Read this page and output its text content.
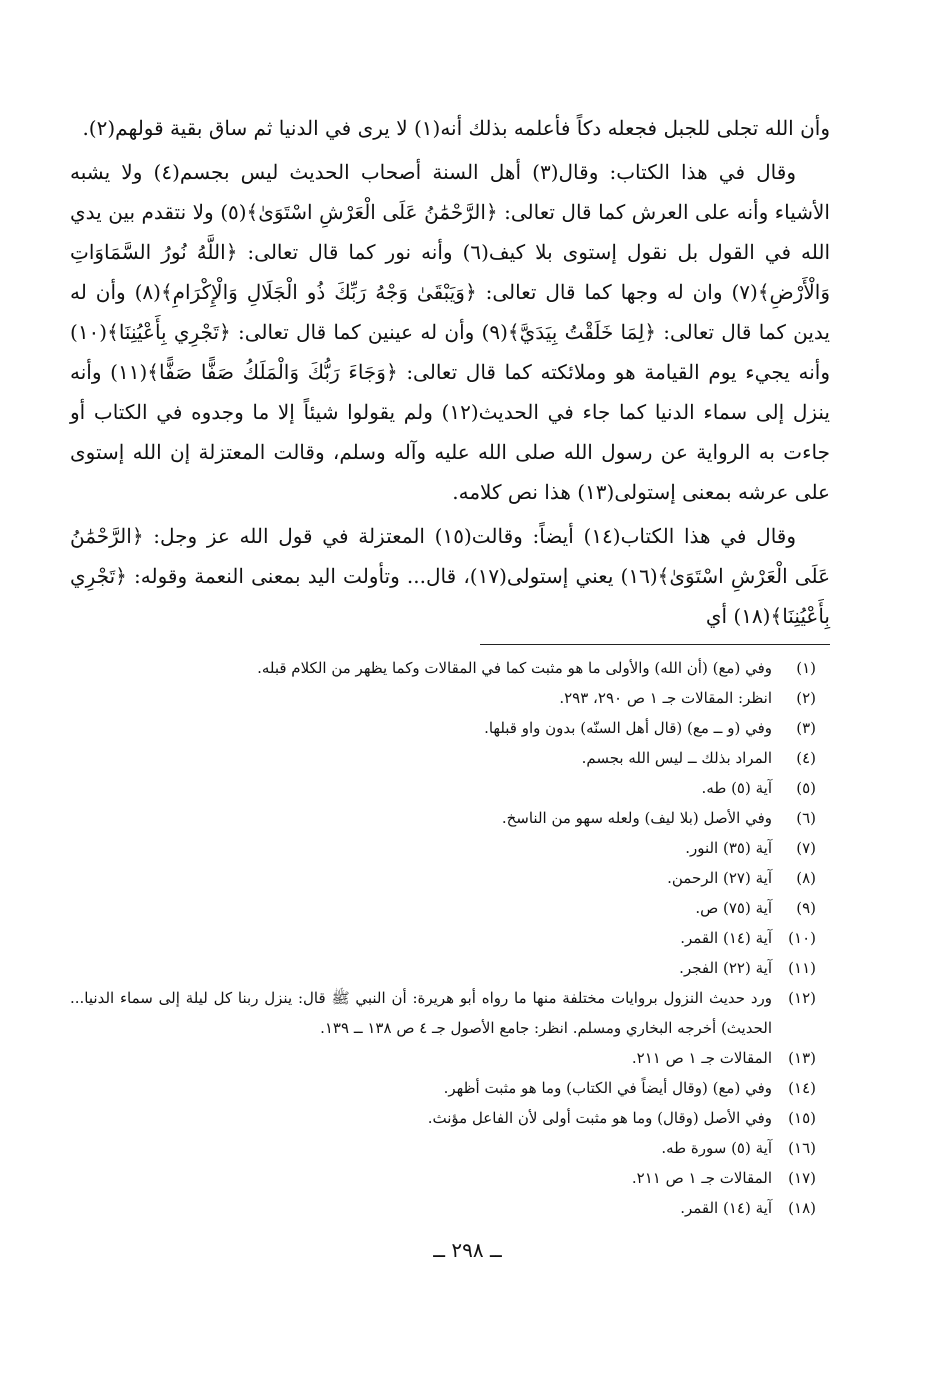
وأن الله تجلى للجبل فجعله دكاً فأعلمه بذلك أنه(١) لا يرى في الدنيا ثم ساق بقية قولهم(٢).

وقال في هذا الكتاب: وقال(٣) أهل السنة أصحاب الحديث ليس بجسم(٤) ولا يشبه الأشياء وأنه على العرش كما قال تعالى: ﴿الرَّحْمَٰنُ عَلَى الْعَرْشِ اسْتَوَىٰ﴾(٥) ولا نتقدم بين يدي الله في القول بل نقول إستوى بلا كيف(٦) وأنه نور كما قال تعالى: ﴿اللَّهُ نُورُ السَّمَاوَاتِ وَالْأَرْضِ﴾(٧) وان له وجها كما قال تعالى: ﴿وَيَبْقَىٰ وَجْهُ رَبِّكَ ذُو الْجَلَالِ وَالْإِكْرَامِ﴾(٨) وأن له يدين كما قال تعالى: ﴿لِمَا خَلَقْتُ بِيَدَيَّ﴾(٩) وأن له عينين كما قال تعالى: ﴿تَجْرِي بِأَعْيُنِنَا﴾(١٠) وأنه يجيء يوم القيامة هو وملائكته كما قال تعالى: ﴿وَجَاءَ رَبُّكَ وَالْمَلَكُ صَفًّا صَفًّا﴾(١١) وأنه ينزل إلى سماء الدنيا كما جاء في الحديث(١٢) ولم يقولوا شيئاً إلا ما وجدوه في الكتاب أو جاءت به الرواية عن رسول الله صلى الله عليه وآله وسلم، وقالت المعتزلة إن الله إستوى على عرشه بمعنى إستولى(١٣) هذا نص كلامه.

وقال في هذا الكتاب(١٤) أيضاً: وقالت(١٥) المعتزلة في قول الله عز وجل: ﴿الرَّحْمَٰنُ عَلَى الْعَرْشِ اسْتَوَىٰ﴾(١٦) يعني إستولى(١٧)، قال... وتأولت اليد بمعنى النعمة وقوله: ﴿تَجْرِي بِأَعْيُنِنَا﴾(١٨) أي

(١)
وفي (مع) (أن الله) والأولى ما هو مثبت كما في المقالات وكما يظهر من الكلام قبله.
(٢)
انظر: المقالات جـ ١ ص ٢٩٠، ٢٩٣.
(٣)
وفي (و ــ مع) (قال أهل السنّه) بدون واو قبلها.
(٤)
المراد بذلك ــ ليس الله بجسم.
(٥)
آية (٥) طه.
(٦)
وفي الأصل (بلا ليف) ولعله سهو من الناسخ.
(٧)
آية (٣٥) النور.
(٨)
آية (٢٧) الرحمن.
(٩)
آية (٧٥) ص.
(١٠)
آية (١٤) القمر.
(١١)
آية (٢٢) الفجر.
(١٢)
ورد حديث النزول بروايات مختلفة منها ما رواه أبو هريرة: أن النبي ﷺ قال: ينزل ربنا كل ليلة إلى سماء الدنيا... الحديث) أخرجه البخاري ومسلم. انظر: جامع الأصول جـ ٤ ص ١٣٨ ــ ١٣٩.
(١٣)
المقالات جـ ١ ص ٢١١.
(١٤)
وفي (مع) (وقال أيضاً في الكتاب) وما هو مثبت أظهر.
(١٥)
وفي الأصل (وقال) وما هو مثبت أولى لأن الفاعل مؤنث.
(١٦)
آية (٥) سورة طه.
(١٧)
المقالات جـ ١ ص ٢١١.
(١٨)
آية (١٤) القمر.
ــ ٢٩٨ ــ
